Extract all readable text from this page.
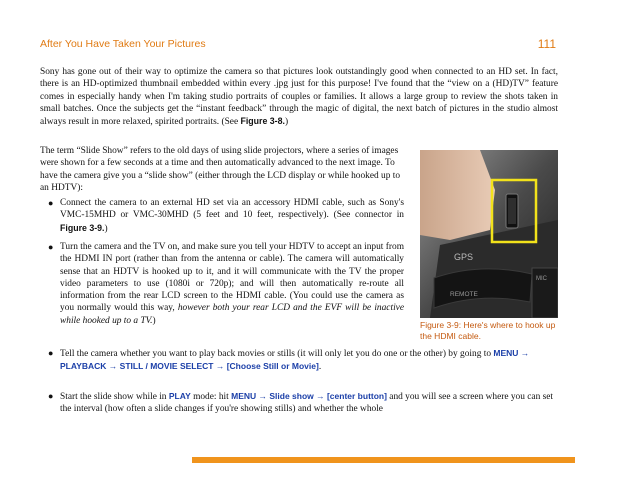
After You Have Taken Your Pictures	111

Sony has gone out of their way to optimize the camera so that pictures look outstandingly good when connected to an HD set. In fact, there is an HD-optimized thumbnail embedded within every .jpg just for this purpose! I've found that the “view on a (HD)TV” feature comes in especially handy when I'm taking studio portraits of couples or families. It allows a large group to review the shots taken in small batches. Once the subjects get the “instant feedback” through the magic of digital, the next batch of pictures in the studio almost always result in more relaxed, spirited portraits. (See Figure 3-8.)

The term “Slide Show” refers to the old days of using slide projectors, where a series of images were shown for a few seconds at a time and then automatically advanced to the next image. To have the camera give you a “slide show” (either through the LCD display or while hooked up to an HDTV):

● Connect the camera to an external HD set via an accessory HDMI cable, such as Sony's VMC-15MHD or VMC-30MHD (5 feet and 10 feet, respectively). (See connector in Figure 3-9.)
● Turn the camera and the TV on, and make sure you tell your HDTV to accept an input from the HDMI IN port (rather than from the antenna or cable). The camera will automatically sense that an HDTV is hooked up to it, and it will communicate with the TV the proper video parameters to use (1080i or 720p); and will then automatically re-route all information from the rear LCD screen to the HDMI cable. (You could use the camera as you normally would this way, however both your rear LCD and the EVF will be inactive while hooked up to a TV.)
● Tell the camera whether you want to play back movies or stills (it will only let you do one or the other) by going to MENU → PLAYBACK → STILL / MOVIE SELECT → [Choose Still or Movie].
● Start the slide show while in PLAY mode: hit MENU → Slide show → [center button] and you will see a screen where you can set the interval (how often a slide changes if you're showing stills) and whether the whole
GPS
REMOTE
MIC
Figure 3-9: Here's where to hook up the HDMI cable.
